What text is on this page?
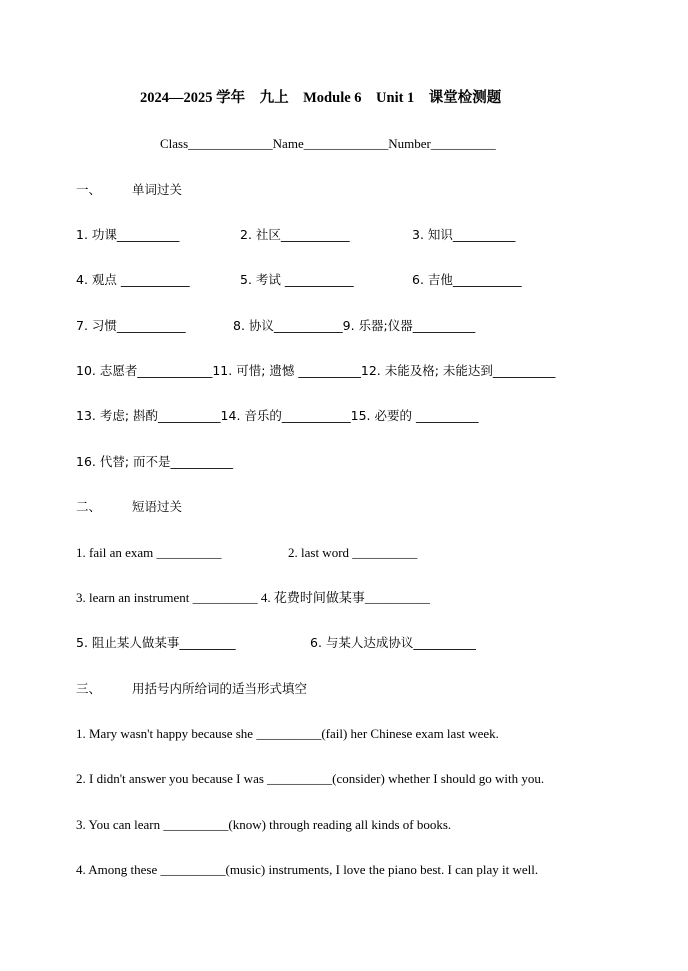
2024—2025 学年　九上　Module 6　Unit 1　课堂检测题
Class_____________Name_____________Number__________
一、 单词过关
1. 功课__________	2. 社区___________	3. 知识__________
4. 观点 ___________	5. 考试 ___________	6. 吉他___________
7. 习惯___________	8. 协议___________9. 乐器;仪器__________
10. 志愿者____________11. 可惜; 遗憾 __________12. 未能及格; 未能达到__________
13. 考虑; 斟酌__________14. 音乐的___________15. 必要的 __________
16. 代替; 而不是__________
二、 短语过关
1. fail an exam __________	2. last word __________
3. learn an instrument __________ 4. 花费时间做某事__________
5. 阻止某人做某事_________	6. 与某人达成协议__________
三、 用括号内所给词的适当形式填空
1. Mary wasn't happy because she __________(fail) her Chinese exam last week.
2. I didn't answer you because I was __________(consider) whether I should go with you.
3. You can learn __________(know) through reading all kinds of books.
4. Among these __________(music) instruments, I love the piano best. I can play it well.
